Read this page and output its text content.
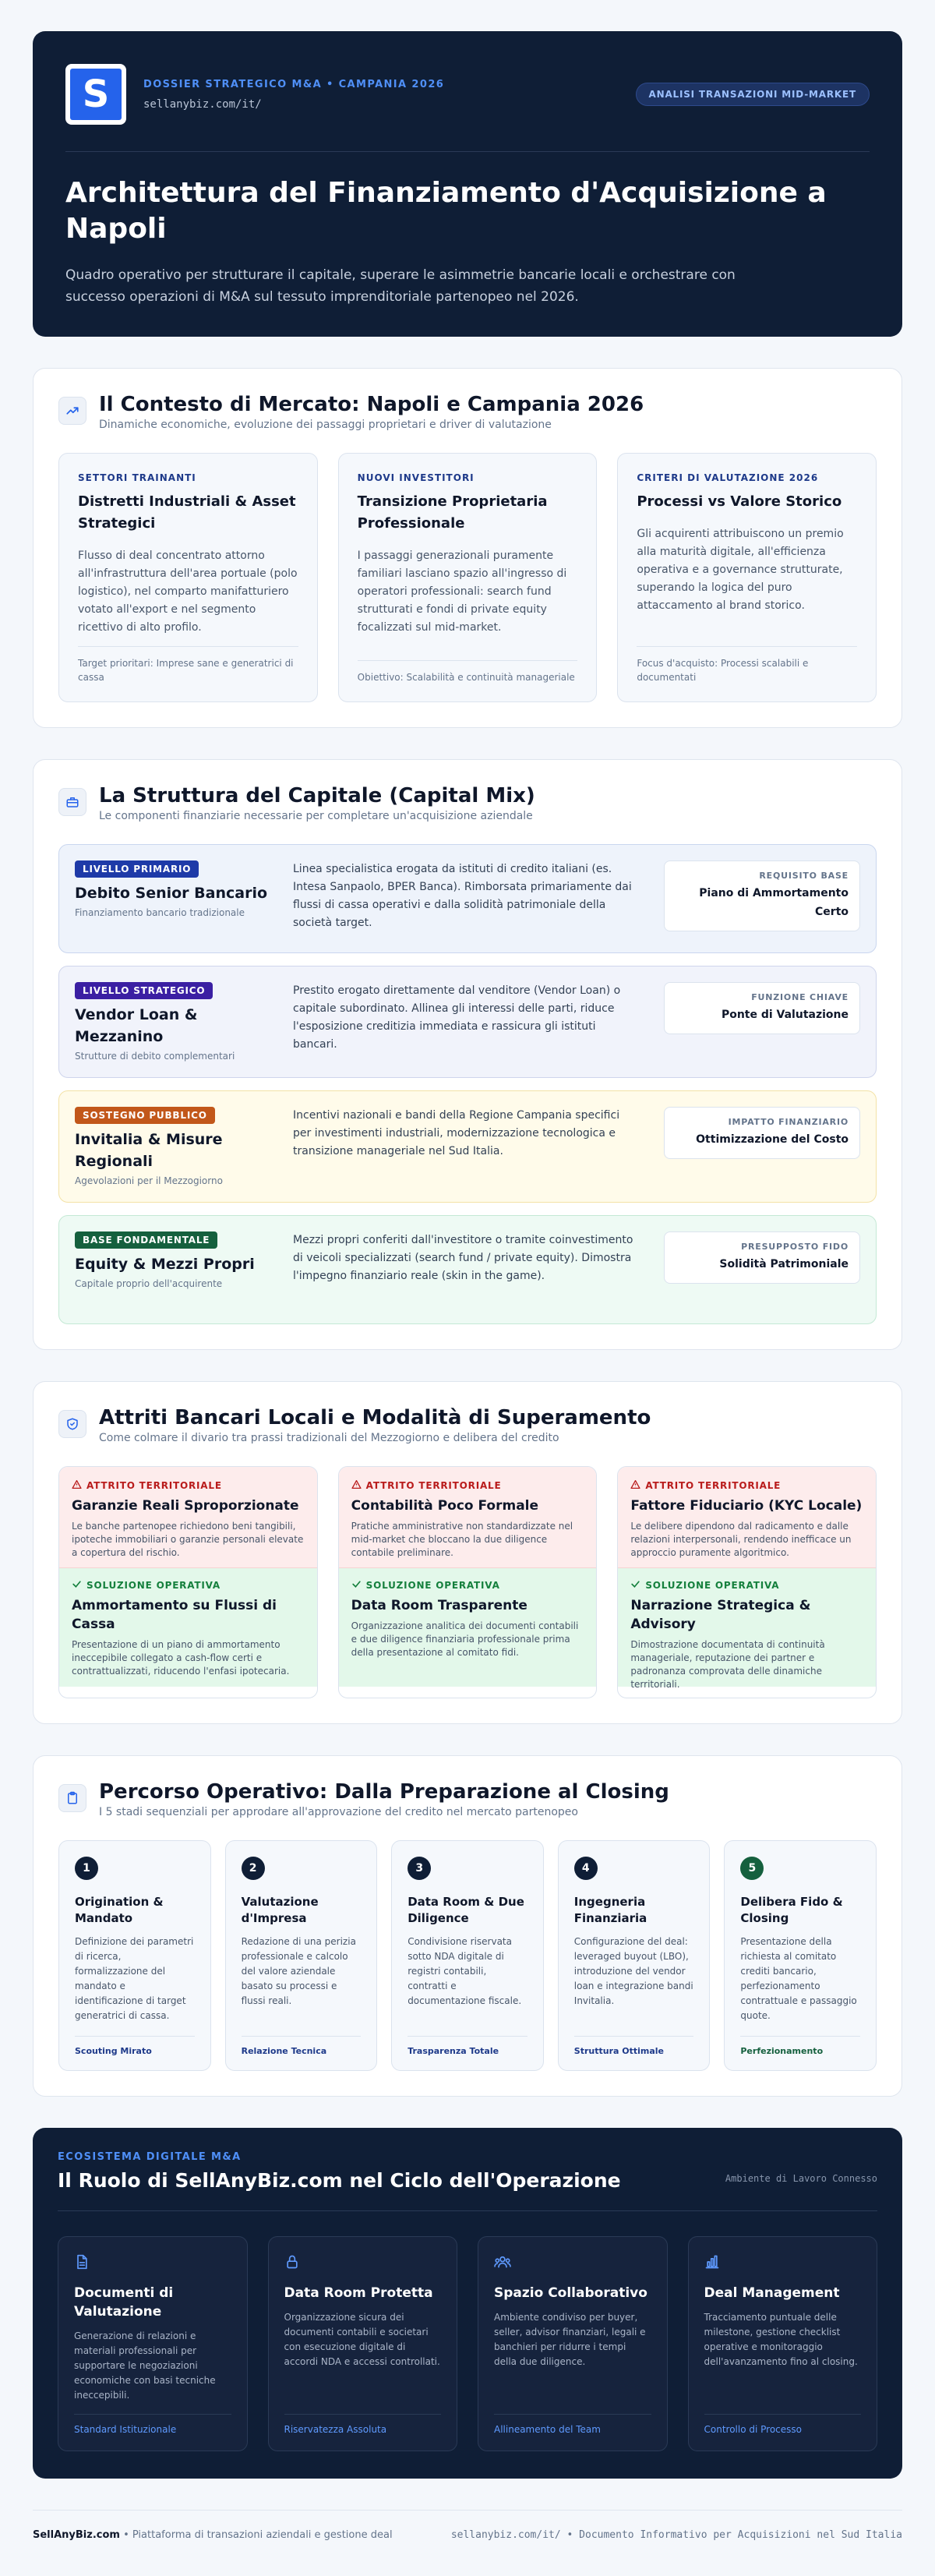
S	DOSSIER STRATEGICO M&A • CAMPANIA 2026
sellanybiz.com/it/
ANALISI TRANSAZIONI MID-MARKET
Architettura del Finanziamento d'Acquisizione a Napoli

Quadro operativo per strutturare il capitale, superare le asimmetrie bancarie locali e orchestrare con successo operazioni di M&A sul tessuto imprenditoriale partenopeo nel 2026.

Il Contesto di Mercato: Napoli e Campania 2026
Dinamiche economiche, evoluzione dei passaggi proprietari e driver di valutazione
SETTORI TRAINANTI
Distretti Industriali & Asset Strategici
Flusso di deal concentrato attorno all'infrastruttura dell'area portuale (polo logistico), nel comparto manifatturiero votato all'export e nel segmento ricettivo di alto profilo.
Target prioritari: Imprese sane e generatrici di cassa
NUOVI INVESTITORI
Transizione Proprietaria Professionale
I passaggi generazionali puramente familiari lasciano spazio all'ingresso di operatori professionali: search fund strutturati e fondi di private equity focalizzati sul mid-market.
Obiettivo: Scalabilità e continuità manageriale
CRITERI DI VALUTAZIONE 2026
Processi vs Valore Storico
Gli acquirenti attribuiscono un premio alla maturità digitale, all'efficienza operativa e a governance strutturate, superando la logica del puro attaccamento al brand storico.
Focus d'acquisto: Processi scalabili e documentati
La Struttura del Capitale (Capital Mix)
Le componenti finanziarie necessarie per completare un'acquisizione aziendale
LIVELLO PRIMARIO
Debito Senior Bancario
Finanziamento bancario tradizionale
Linea specialistica erogata da istituti di credito italiani (es. Intesa Sanpaolo, BPER Banca). Rimborsata primariamente dai flussi di cassa operativi e dalla solidità patrimoniale della società target.
REQUISITO BASE
Piano di Ammortamento Certo
LIVELLO STRATEGICO
Vendor Loan & Mezzanino
Strutture di debito complementari
Prestito erogato direttamente dal venditore (Vendor Loan) o capitale subordinato. Allinea gli interessi delle parti, riduce l'esposizione creditizia immediata e rassicura gli istituti bancari.
FUNZIONE CHIAVE
Ponte di Valutazione
SOSTEGNO PUBBLICO
Invitalia & Misure Regionali
Agevolazioni per il Mezzogiorno
Incentivi nazionali e bandi della Regione Campania specifici per investimenti industriali, modernizzazione tecnologica e transizione manageriale nel Sud Italia.
IMPATTO FINANZIARIO
Ottimizzazione del Costo
BASE FONDAMENTALE
Equity & Mezzi Propri
Capitale proprio dell'acquirente
Mezzi propri conferiti dall'investitore o tramite coinvestimento di veicoli specializzati (search fund / private equity). Dimostra l'impegno finanziario reale (skin in the game).
PRESUPPOSTO FIDO
Solidità Patrimoniale
Attriti Bancari Locali e Modalità di Superamento
Come colmare il divario tra prassi tradizionali del Mezzogiorno e delibera del credito
ATTRITO TERRITORIALE
Garanzie Reali Sproporzionate
Le banche partenopee richiedono beni tangibili, ipoteche immobiliari o garanzie personali elevate a copertura del rischio.
SOLUZIONE OPERATIVA
Ammortamento su Flussi di Cassa
Presentazione di un piano di ammortamento ineccepibile collegato a cash-flow certi e contrattualizzati, riducendo l'enfasi ipotecaria.
ATTRITO TERRITORIALE
Contabilità Poco Formale
Pratiche amministrative non standardizzate nel mid-market che bloccano la due diligence contabile preliminare.
SOLUZIONE OPERATIVA
Data Room Trasparente
Organizzazione analitica dei documenti contabili e due diligence finanziaria professionale prima della presentazione al comitato fidi.
ATTRITO TERRITORIALE
Fattore Fiduciario (KYC Locale)
Le delibere dipendono dal radicamento e dalle relazioni interpersonali, rendendo inefficace un approccio puramente algoritmico.
SOLUZIONE OPERATIVA
Narrazione Strategica & Advisory
Dimostrazione documentata di continuità manageriale, reputazione dei partner e padronanza comprovata delle dinamiche territoriali.
Percorso Operativo: Dalla Preparazione al Closing
I 5 stadi sequenziali per approdare all'approvazione del credito nel mercato partenopeo
1
Origination & Mandato
Definizione dei parametri di ricerca, formalizzazione del mandato e identificazione di target generatrici di cassa.
Scouting Mirato
2
Valutazione d'Impresa
Redazione di una perizia professionale e calcolo del valore aziendale basato su processi e flussi reali.
Relazione Tecnica
3
Data Room & Due Diligence
Condivisione riservata sotto NDA digitale di registri contabili, contratti e documentazione fiscale.
Trasparenza Totale
4
Ingegneria Finanziaria
Configurazione del deal: leveraged buyout (LBO), introduzione del vendor loan e integrazione bandi Invitalia.
Struttura Ottimale
5
Delibera Fido & Closing
Presentazione della richiesta al comitato crediti bancario, perfezionamento contrattuale e passaggio quote.
Perfezionamento
ECOSISTEMA DIGITALE M&A
Il Ruolo di SellAnyBiz.com nel Ciclo dell'Operazione	Ambiente di Lavoro Connesso
Documenti di Valutazione
Generazione di relazioni e materiali professionali per supportare le negoziazioni economiche con basi tecniche ineccepibili.
Standard Istituzionale
Data Room Protetta
Organizzazione sicura dei documenti contabili e societari con esecuzione digitale di accordi NDA e accessi controllati.
Riservatezza Assoluta
Spazio Collaborativo
Ambiente condiviso per buyer, seller, advisor finanziari, legali e banchieri per ridurre i tempi della due diligence.
Allineamento del Team
Deal Management
Tracciamento puntuale delle milestone, gestione checklist operative e monitoraggio dell'avanzamento fino al closing.
Controllo di Processo
SellAnyBiz.com • Piattaforma di transazioni aziendali e gestione deal	sellanybiz.com/it/ • Documento Informativo per Acquisizioni nel Sud Italia
